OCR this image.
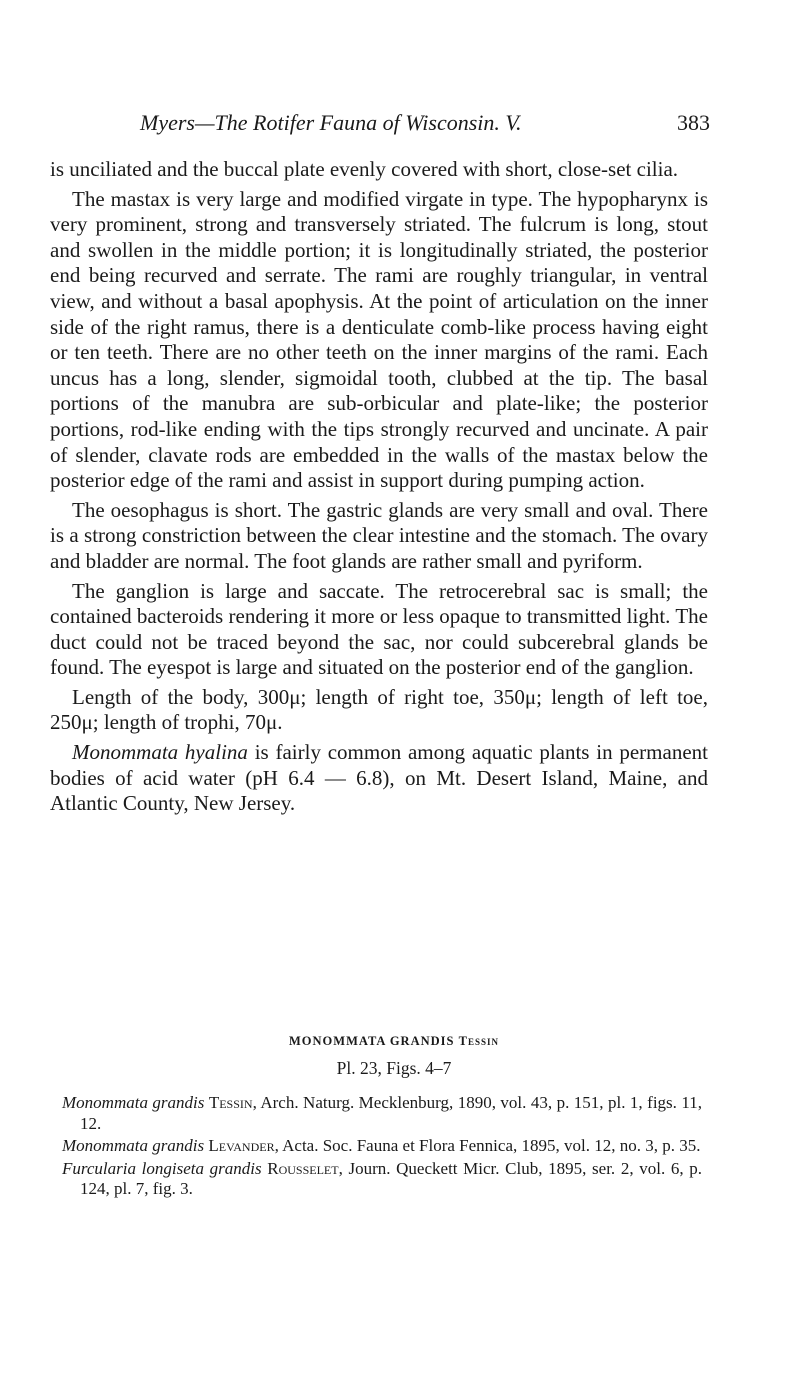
Myers—The Rotifer Fauna of Wisconsin. V.	383

is unciliated and the buccal plate evenly covered with short, close-set cilia.

The mastax is very large and modified virgate in type. The hypopharynx is very prominent, strong and transversely striated. The fulcrum is long, stout and swollen in the middle portion; it is longitudinally striated, the posterior end being recurved and serrate. The rami are roughly triangular, in ventral view, and without a basal apophysis. At the point of articulation on the inner side of the right ramus, there is a denticulate comb-like process having eight or ten teeth. There are no other teeth on the inner margins of the rami. Each uncus has a long, slender, sigmoidal tooth, clubbed at the tip. The basal portions of the manubra are sub-orbicular and plate-like; the posterior portions, rod-like ending with the tips strongly recurved and uncinate. A pair of slender, clavate rods are embedded in the walls of the mastax below the posterior edge of the rami and assist in support during pumping action.

The oesophagus is short. The gastric glands are very small and oval. There is a strong constriction between the clear intestine and the stomach. The ovary and bladder are normal. The foot glands are rather small and pyriform.

The ganglion is large and saccate. The retrocerebral sac is small; the contained bacteroids rendering it more or less opaque to transmitted light. The duct could not be traced beyond the sac, nor could subcerebral glands be found. The eyespot is large and situated on the posterior end of the ganglion.

Length of the body, 300μ; length of right toe, 350μ; length of left toe, 250μ; length of trophi, 70μ.

Monommata hyalina is fairly common among aquatic plants in permanent bodies of acid water (pH 6.4 — 6.8), on Mt. Desert Island, Maine, and Atlantic County, New Jersey.

MONOMMATA GRANDIS Tessin
Pl. 23, Figs. 4–7

Monommata grandis Tessin, Arch. Naturg. Mecklenburg, 1890, vol. 43, p. 151, pl. 1, figs. 11, 12.

Monommata grandis Levander, Acta. Soc. Fauna et Flora Fennica, 1895, vol. 12, no. 3, p. 35.

Furcularia longiseta grandis Rousselet, Journ. Queckett Micr. Club, 1895, ser. 2, vol. 6, p. 124, pl. 7, fig. 3.
